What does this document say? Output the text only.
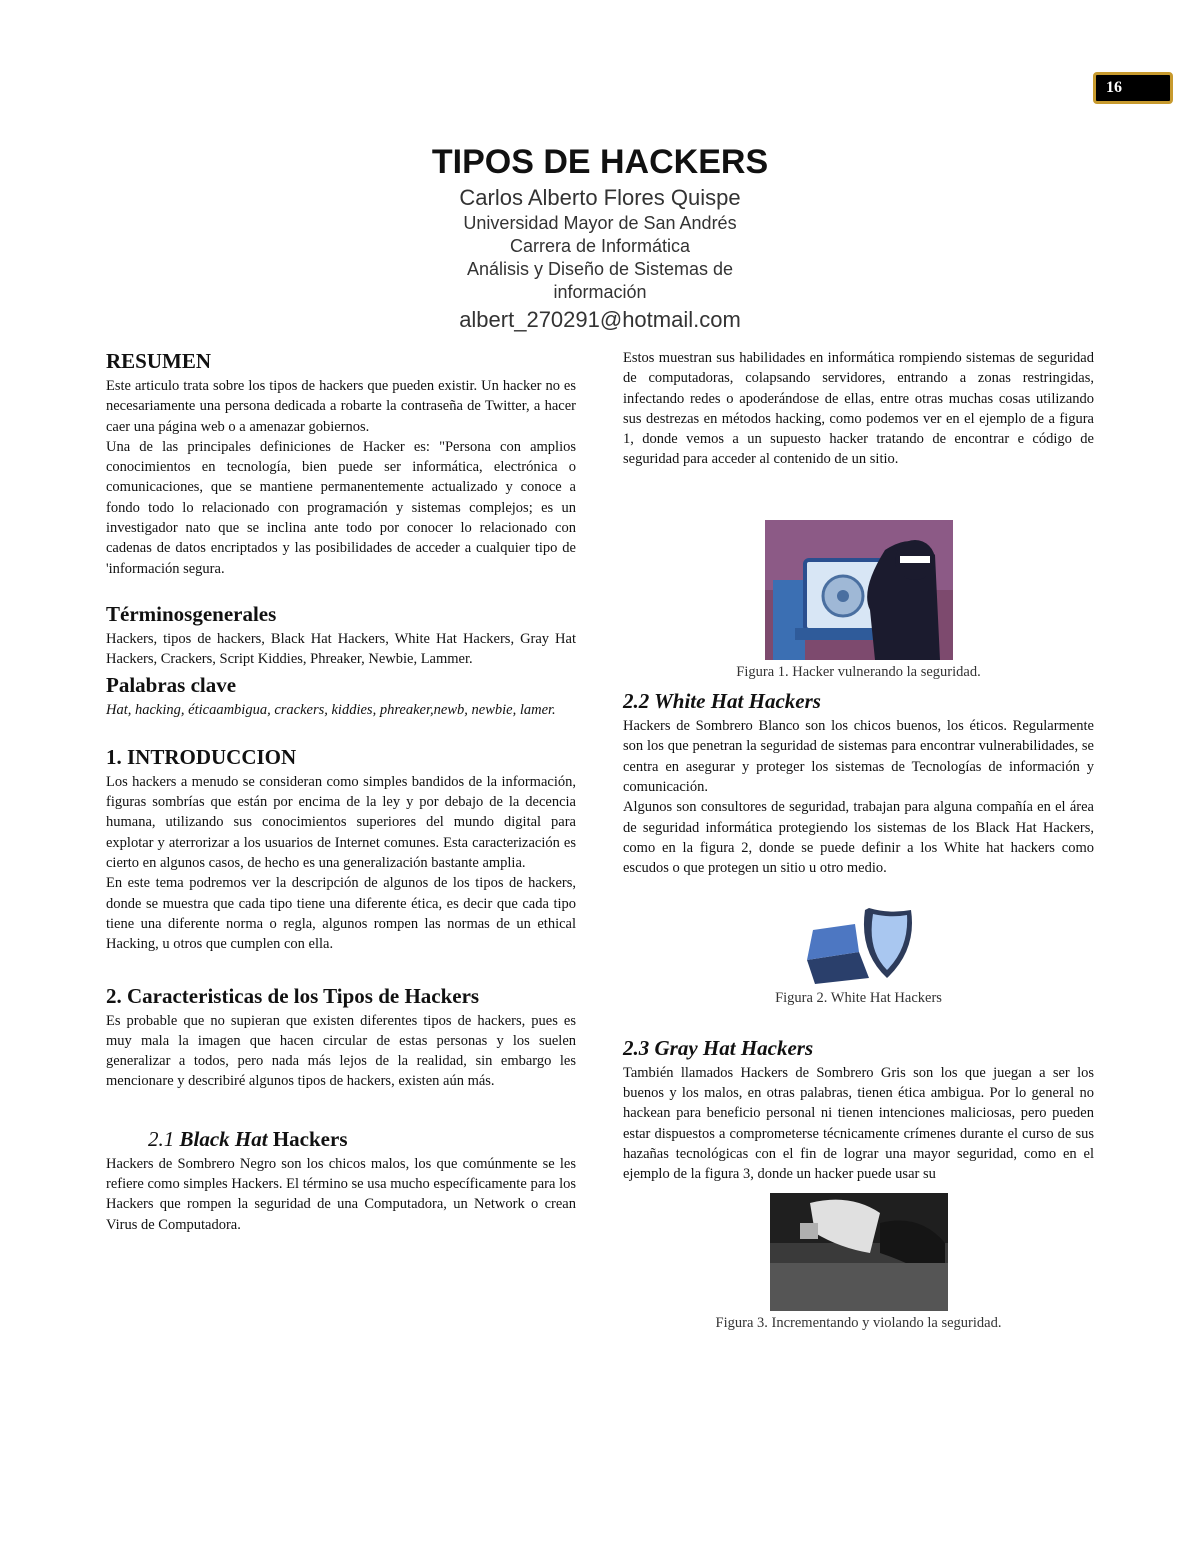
16
TIPOS DE HACKERS
Carlos Alberto Flores Quispe
Universidad Mayor de San Andrés
Carrera de Informática
Análisis y Diseño de Sistemas de
información
albert_270291@hotmail.com
RESUMEN

Este articulo trata sobre los tipos de hackers que pueden existir. Un hacker no es necesariamente una persona dedicada a robarte la contraseña de Twitter, a hacer caer una página web o a amenazar gobiernos.

Una de las principales definiciones de Hacker es: "Persona con amplios conocimientos en tecnología, bien puede ser informática, electrónica o comunicaciones, que se mantiene permanentemente actualizado y conoce a fondo todo lo relacionado con programación y sistemas complejos; es un investigador nato que se inclina ante todo por conocer lo relacionado con cadenas de datos encriptados y las posibilidades de acceder a cualquier tipo de 'información segura.

Términosgenerales

Hackers, tipos de hackers, Black Hat Hackers, White Hat Hackers, Gray Hat Hackers, Crackers, Script Kiddies, Phreaker, Newbie, Lammer.

Palabras clave

Hat, hacking, éticaambigua, crackers, kiddies, phreaker,newb, newbie, lamer.

1. INTRODUCCION

Los hackers a menudo se consideran como simples bandidos de la información, figuras sombrías que están por encima de la ley y por debajo de la decencia humana, utilizando sus conocimientos superiores del mundo digital para explotar y aterrorizar a los usuarios de Internet comunes. Esta caracterización es cierto en algunos casos, de hecho es una generalización bastante amplia.

En este tema podremos ver la descripción de algunos de los tipos de hackers, donde se muestra que cada tipo tiene una diferente ética, es decir que cada tipo tiene una diferente norma o regla, algunos rompen las normas de un ethical Hacking, u otros que cumplen con ella.

2. Caracteristicas de los Tipos de Hackers

Es probable que no supieran que existen diferentes tipos de hackers, pues es muy mala la imagen que hacen circular de estas personas y los suelen generalizar a todos, pero nada más lejos de la realidad, sin embargo les mencionare y describiré algunos tipos de hackers, existen aún más.

2.1 Black Hat Hackers

Hackers de Sombrero Negro son los chicos malos, los que comúnmente se les refiere como simples Hackers. El término se usa mucho específicamente para los Hackers que rompen la seguridad de una Computadora, un Network o crean Virus de Computadora.

Estos muestran sus habilidades en informática rompiendo sistemas de seguridad de computadoras, colapsando servidores, entrando a zonas restringidas, infectando redes o apoderándose de ellas, entre otras muchas cosas utilizando sus destrezas en métodos hacking, como podemos ver en el ejemplo de a figura 1, donde vemos a un supuesto hacker tratando de encontrar e código de seguridad para acceder al contenido de un sitio.

Figura 1. Hacker vulnerando la seguridad.
2.2 White Hat Hackers

Hackers de Sombrero Blanco son los chicos buenos, los éticos. Regularmente son los que penetran la seguridad de sistemas para encontrar vulnerabilidades, se centra en asegurar y proteger los sistemas de Tecnologías de información y comunicación.

Algunos son consultores de seguridad, trabajan para alguna compañía en el área de seguridad informática protegiendo los sistemas de los Black Hat Hackers, como en la figura 2, donde se puede definir a los White hat hackers como escudos o que protegen un sitio u otro medio.

Figura 2. White Hat Hackers
2.3 Gray Hat Hackers

También llamados Hackers de Sombrero Gris son los que juegan a ser los buenos y los malos, en otras palabras, tienen ética ambigua. Por lo general no hackean para beneficio personal ni tienen intenciones maliciosas, pero pueden estar dispuestos a comprometerse técnicamente crímenes durante el curso de sus hazañas tecnológicas con el fin de lograr una mayor seguridad, como en el ejemplo de la figura 3, donde un hacker puede usar su

Figura 3. Incrementando y violando la seguridad.
